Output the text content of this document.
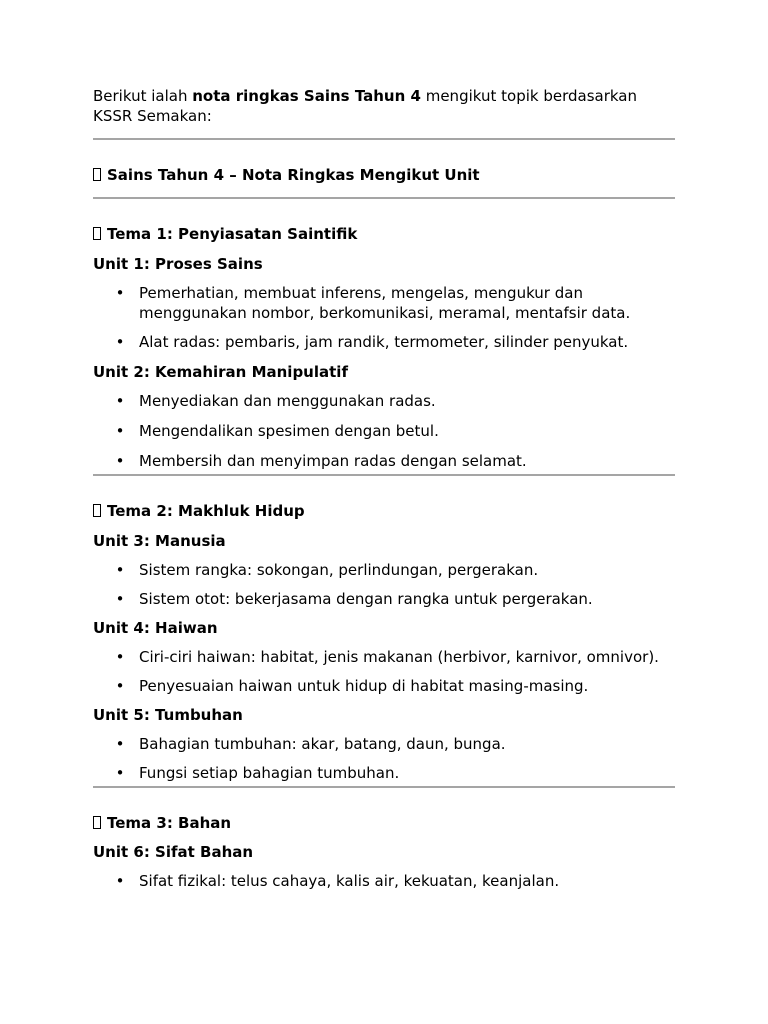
Berikut ialah nota ringkas Sains Tahun 4 mengikut topik berdasarkan KSSR Semakan:

Sains Tahun 4 – Nota Ringkas Mengikut Unit

Tema 1: Penyiasatan Saintifik

Unit 1: Proses Sains

• Pemerhatian, membuat inferens, mengelas, mengukur dan menggunakan nombor, berkomunikasi, meramal, mentafsir data.
• Alat radas: pembaris, jam randik, termometer, silinder penyukat.

Unit 2: Kemahiran Manipulatif

• Menyediakan dan menggunakan radas.
• Mengendalikan spesimen dengan betul.
• Membersih dan menyimpan radas dengan selamat.

Tema 2: Makhluk Hidup

Unit 3: Manusia

• Sistem rangka: sokongan, perlindungan, pergerakan.
• Sistem otot: bekerjasama dengan rangka untuk pergerakan.

Unit 4: Haiwan

• Ciri-ciri haiwan: habitat, jenis makanan (herbivor, karnivor, omnivor).
• Penyesuaian haiwan untuk hidup di habitat masing-masing.

Unit 5: Tumbuhan

• Bahagian tumbuhan: akar, batang, daun, bunga.
• Fungsi setiap bahagian tumbuhan.

Tema 3: Bahan

Unit 6: Sifat Bahan

• Sifat fizikal: telus cahaya, kalis air, kekuatan, keanjalan.
